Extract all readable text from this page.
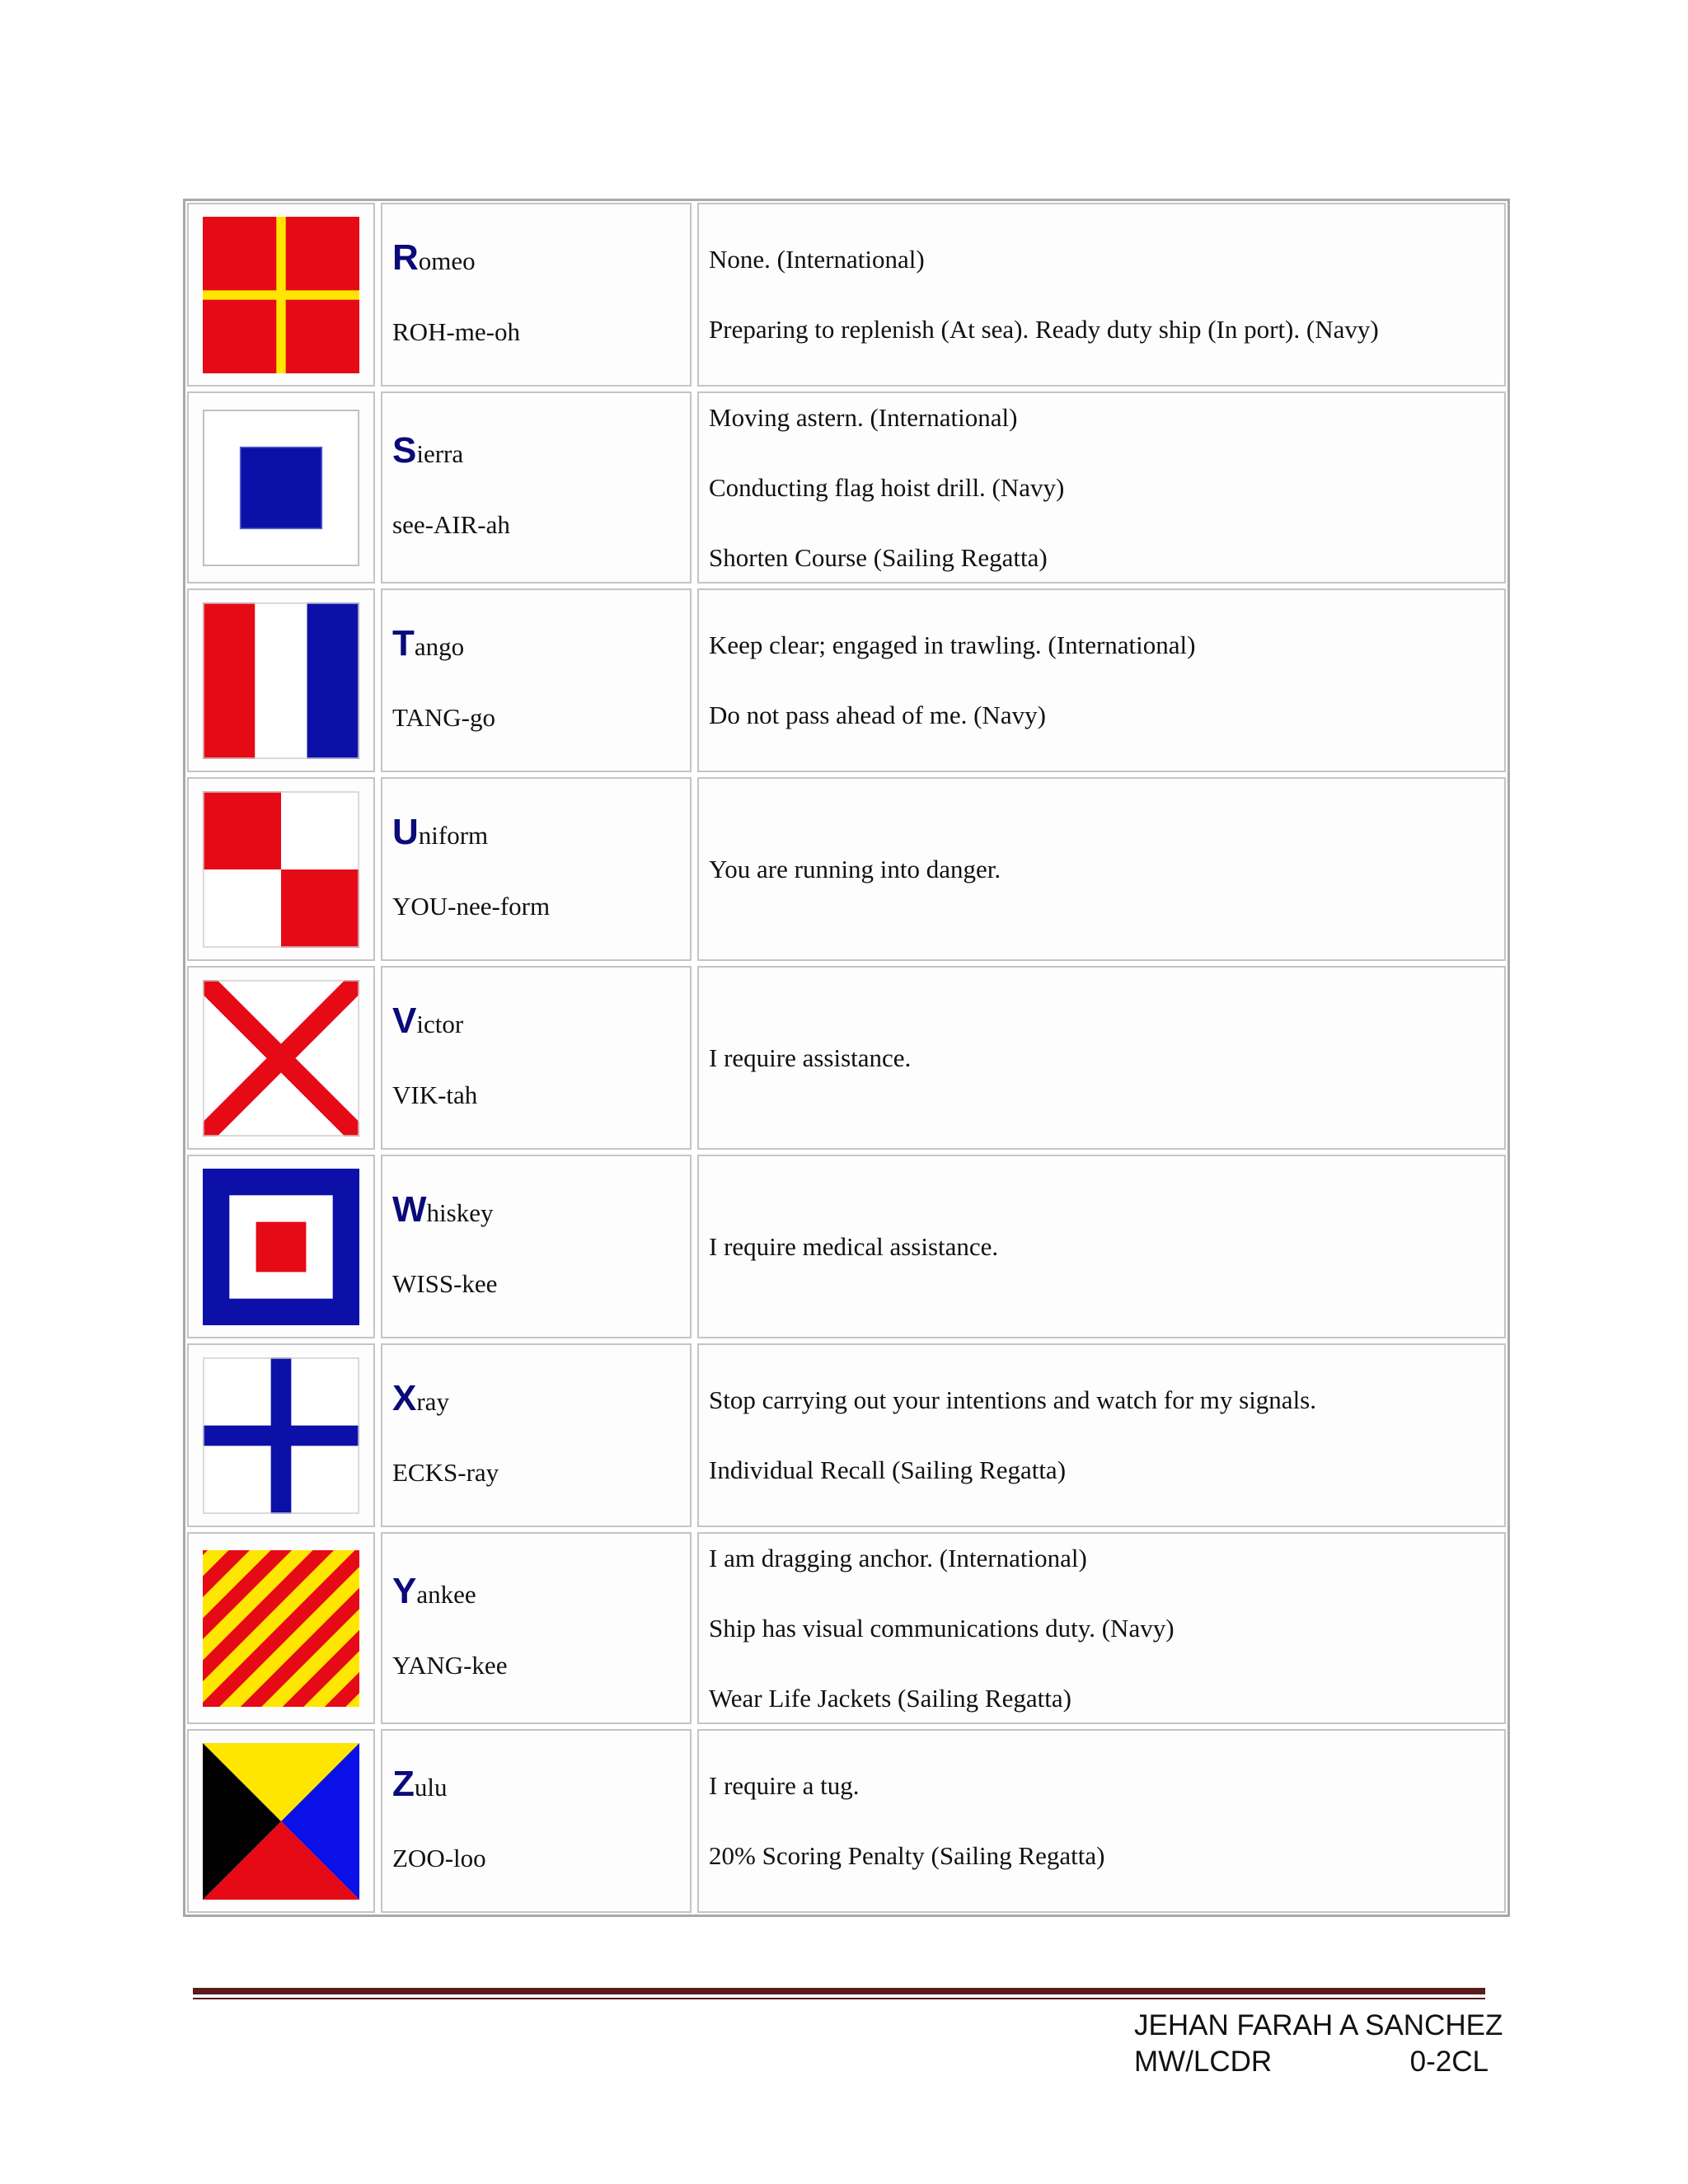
Romeo
ROH-me-oh

None. (International)

Preparing to replenish (At sea). Ready duty ship (In port). (Navy)

Sierra
see-AIR-ah

Moving astern. (International)

Conducting flag hoist drill. (Navy)

Shorten Course (Sailing Regatta)

Tango
TANG-go

Keep clear; engaged in trawling. (International)

Do not pass ahead of me. (Navy)

Uniform
YOU-nee-form

You are running into danger.

Victor
VIK-tah

I require assistance.

Whiskey
WISS-kee

I require medical assistance.

Xray
ECKS-ray

Stop carrying out your intentions and watch for my signals.

Individual Recall (Sailing Regatta)

Yankee
YANG-kee

I am dragging anchor. (International)

Ship has visual communications duty. (Navy)

Wear Life Jackets (Sailing Regatta)

Zulu
ZOO-loo

I require a tug.

20% Scoring Penalty (Sailing Regatta)

JEHAN FARAH A SANCHEZ
MW/LCDR	0-2CL
